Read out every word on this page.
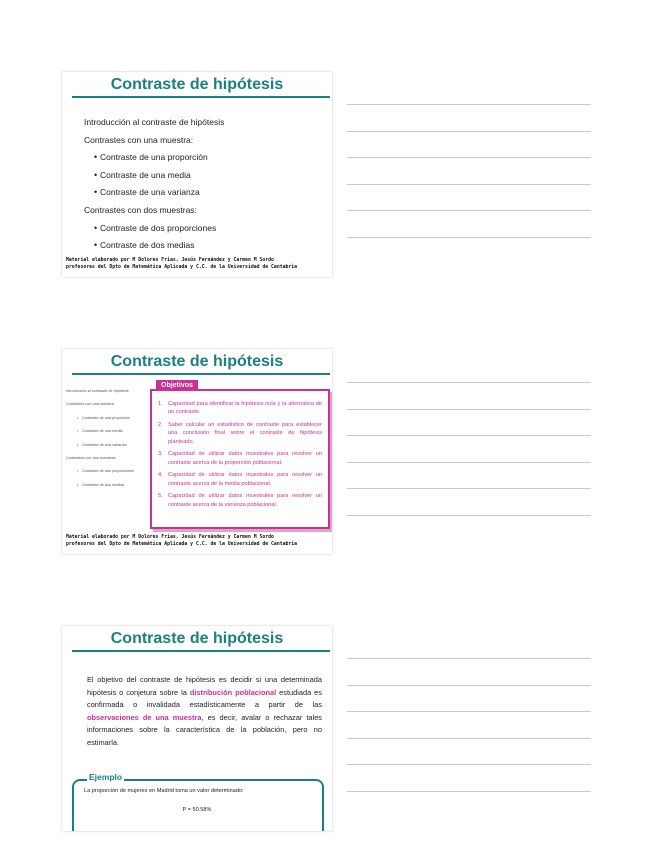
Contraste de hipótesis
Introducción al contraste de hipótesis
Contrastes con una muestra:
• Contraste de una proporción
• Contraste de una media
• Contraste de una varianza
Contrastes con dos muestras:
• Contraste de dos proporciones
• Contraste de dos medias
Material elaborado por M Dolores Frias, Jesús Fernández y Carmen M Sordo
profesores del Dpto de Matemática Aplicada y C.C. de la Universidad de Cantabria
Contraste de hipótesis
Introducción al contraste de hipótesis
Contrastes con una muestra:
• Contraste de una proporción
• Contraste de una media
• Contraste de una varianza
Contrastes con dos muestras:
• Contraste de dos proporciones
• Contraste de dos medias
1. Capacidad para identificar la hipótesis nula y la alternativa de un contraste.
2. Saber calcular un estadístico de contraste para establecer una conclusión final sobre el contraste de hipótesis planteado.
3. Capacidad de utilizar datos muestrales para resolver un contraste acerca de la proporción poblacional.
4. Capacidad de utilizar datos muestrales para resolver un contraste acerca de la media poblacional.
5. Capacidad de utilizar datos muestrales para resolver un contraste acerca de la varianza poblacional.
Objetivos
Material elaborado por M Dolores Frias, Jesús Fernández y Carmen M Sordo
profesores del Dpto de Matemática Aplicada y C.C. de la Universidad de Cantabria
Contraste de hipótesis
El objetivo del contraste de hipótesis es decidir si una determinada hipótesis o conjetura sobre la distribución poblacional estudiada es confirmada o invalidada estadísticamente a partir de las observaciones de una muestra, es decir, avalar o rechazar tales informaciones sobre la característica de la población, pero no estimarla.
Ejemplo
La proporción de mujeres en Madrid toma un valor determinado:
P = 50.58%
